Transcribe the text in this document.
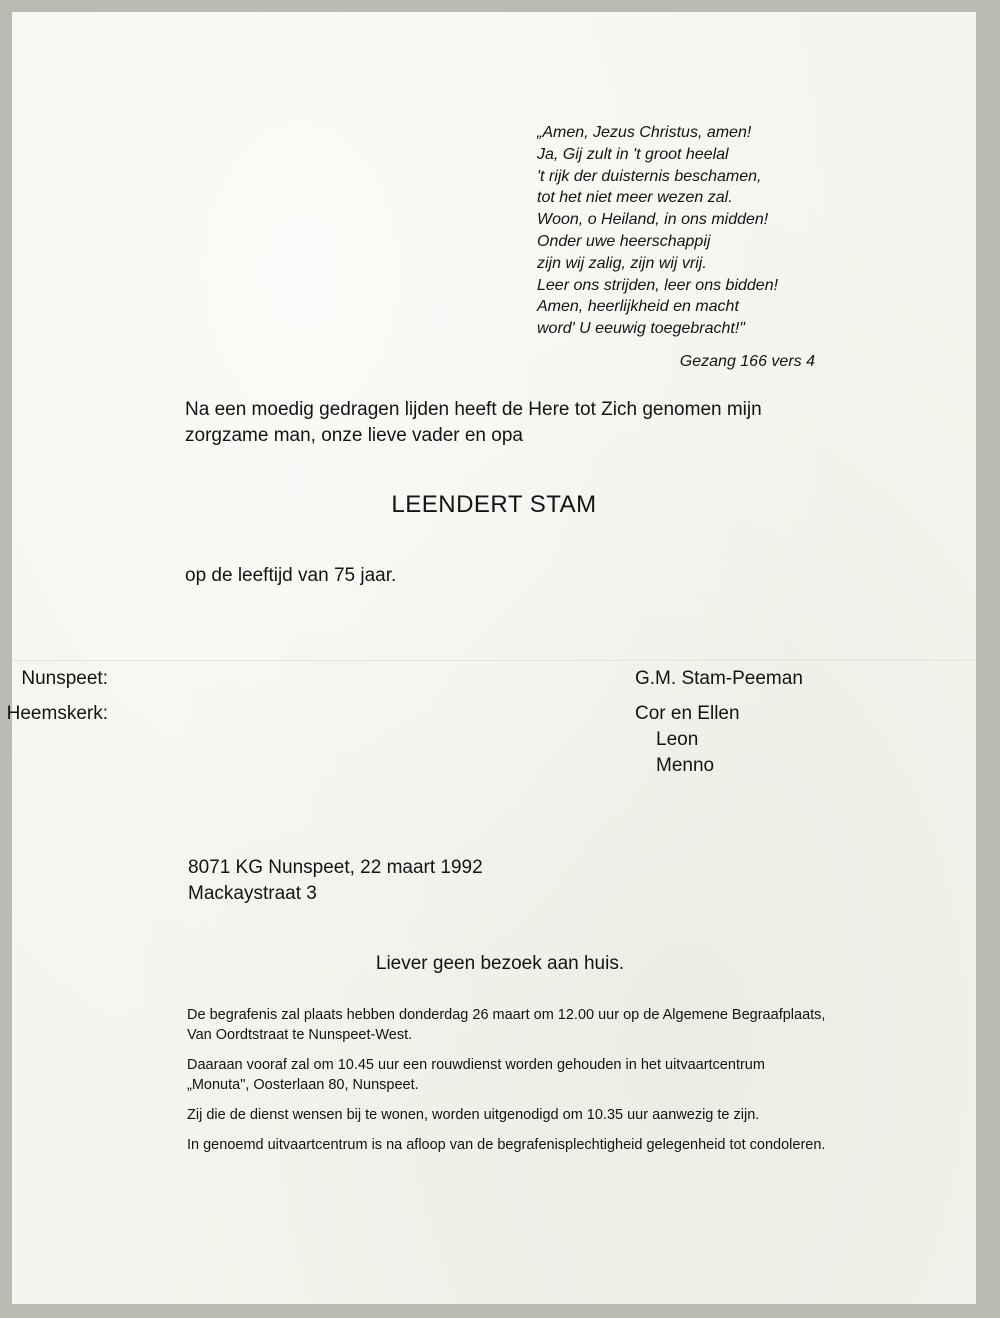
„Amen, Jezus Christus, amen!
Ja, Gij zult in 't groot heelal
't rijk der duisternis beschamen,
tot het niet meer wezen zal.
Woon, o Heiland, in ons midden!
Onder uwe heerschappij
zijn wij zalig, zijn wij vrij.
Leer ons strijden, leer ons bidden!
Amen, heerlijkheid en macht
word' U eeuwig toegebracht!"
Gezang 166 vers 4
Na een moedig gedragen lijden heeft de Here tot Zich genomen mijn
zorgzame man, onze lieve vader en opa
LEENDERT STAM
op de leeftijd van 75 jaar.
Nunspeet:	G.M. Stam-Peeman
Heemskerk:	Cor en Ellen
Leon
Menno
8071 KG Nunspeet, 22 maart 1992
Mackaystraat 3
Liever geen bezoek aan huis.

De begrafenis zal plaats hebben donderdag 26 maart om 12.00 uur op de Algemene Begraafplaats, Van Oordtstraat te Nunspeet-West.

Daaraan vooraf zal om 10.45 uur een rouwdienst worden gehouden in het uitvaartcentrum „Monuta", Oosterlaan 80, Nunspeet.

Zij die de dienst wensen bij te wonen, worden uitgenodigd om 10.35 uur aanwezig te zijn.

In genoemd uitvaartcentrum is na afloop van de begrafenisplechtigheid gelegenheid tot condoleren.
